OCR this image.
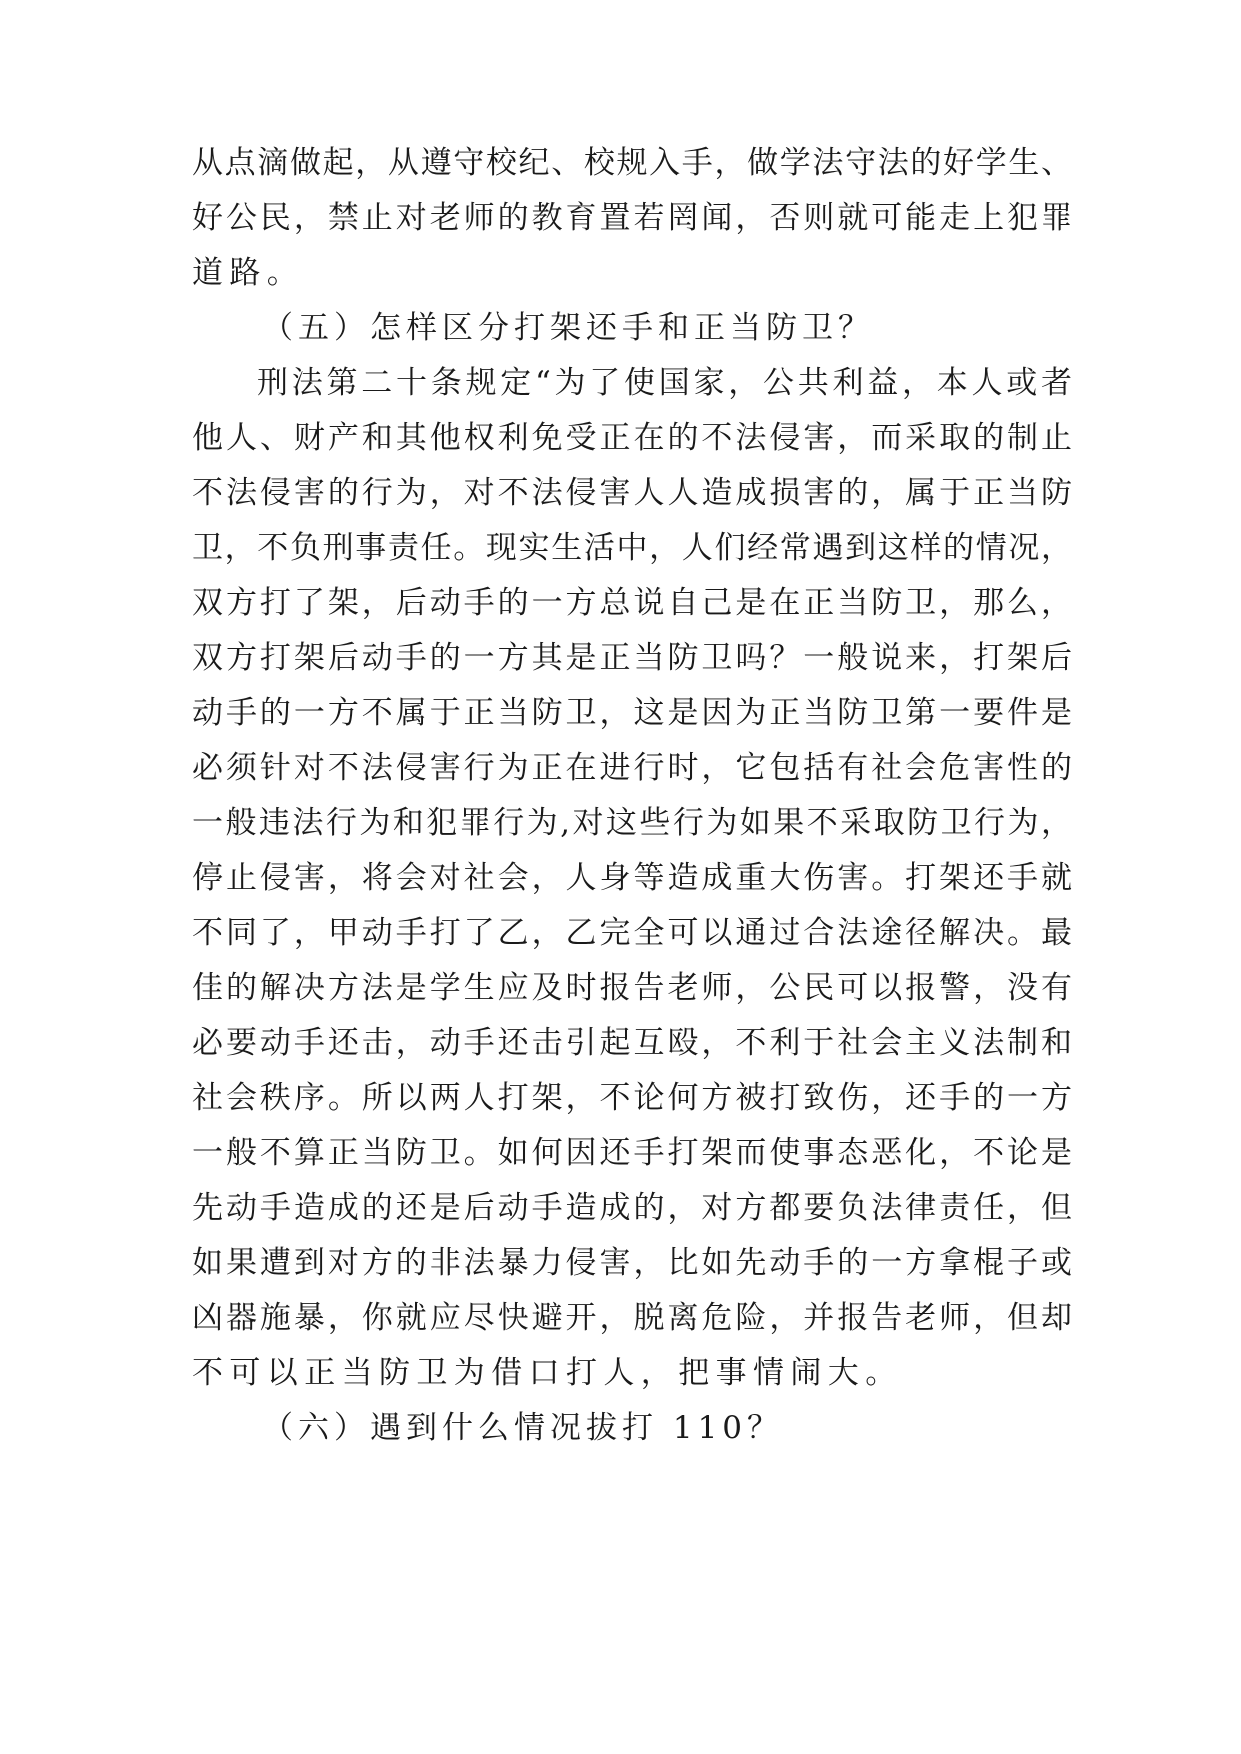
从点滴做起，从遵守校纪、校规入手，做学法守法的好学生、
好公民，禁止对老师的教育置若罔闻，否则就可能走上犯罪
道路。
（五）怎样区分打架还手和正当防卫？
刑法第二十条规定“为了使国家，公共利益，本人或者
他人、财产和其他权利免受正在的不法侵害，而采取的制止
不法侵害的行为，对不法侵害人人造成损害的，属于正当防
卫，不负刑事责任。现实生活中，人们经常遇到这样的情况，
双方打了架，后动手的一方总说自己是在正当防卫，那么，
双方打架后动手的一方其是正当防卫吗？一般说来，打架后
动手的一方不属于正当防卫，这是因为正当防卫第一要件是
必须针对不法侵害行为正在进行时，它包括有社会危害性的
一般违法行为和犯罪行为,对这些行为如果不采取防卫行为，
停止侵害，将会对社会，人身等造成重大伤害。打架还手就
不同了，甲动手打了乙，乙完全可以通过合法途径解决。最
佳的解决方法是学生应及时报告老师，公民可以报警，没有
必要动手还击，动手还击引起互殴，不利于社会主义法制和
社会秩序。所以两人打架，不论何方被打致伤，还手的一方
一般不算正当防卫。如何因还手打架而使事态恶化，不论是
先动手造成的还是后动手造成的，对方都要负法律责任，但
如果遭到对方的非法暴力侵害，比如先动手的一方拿棍子或
凶器施暴，你就应尽快避开，脱离危险，并报告老师，但却
不可以正当防卫为借口打人，把事情闹大。
（六）遇到什么情况拔打 110？
